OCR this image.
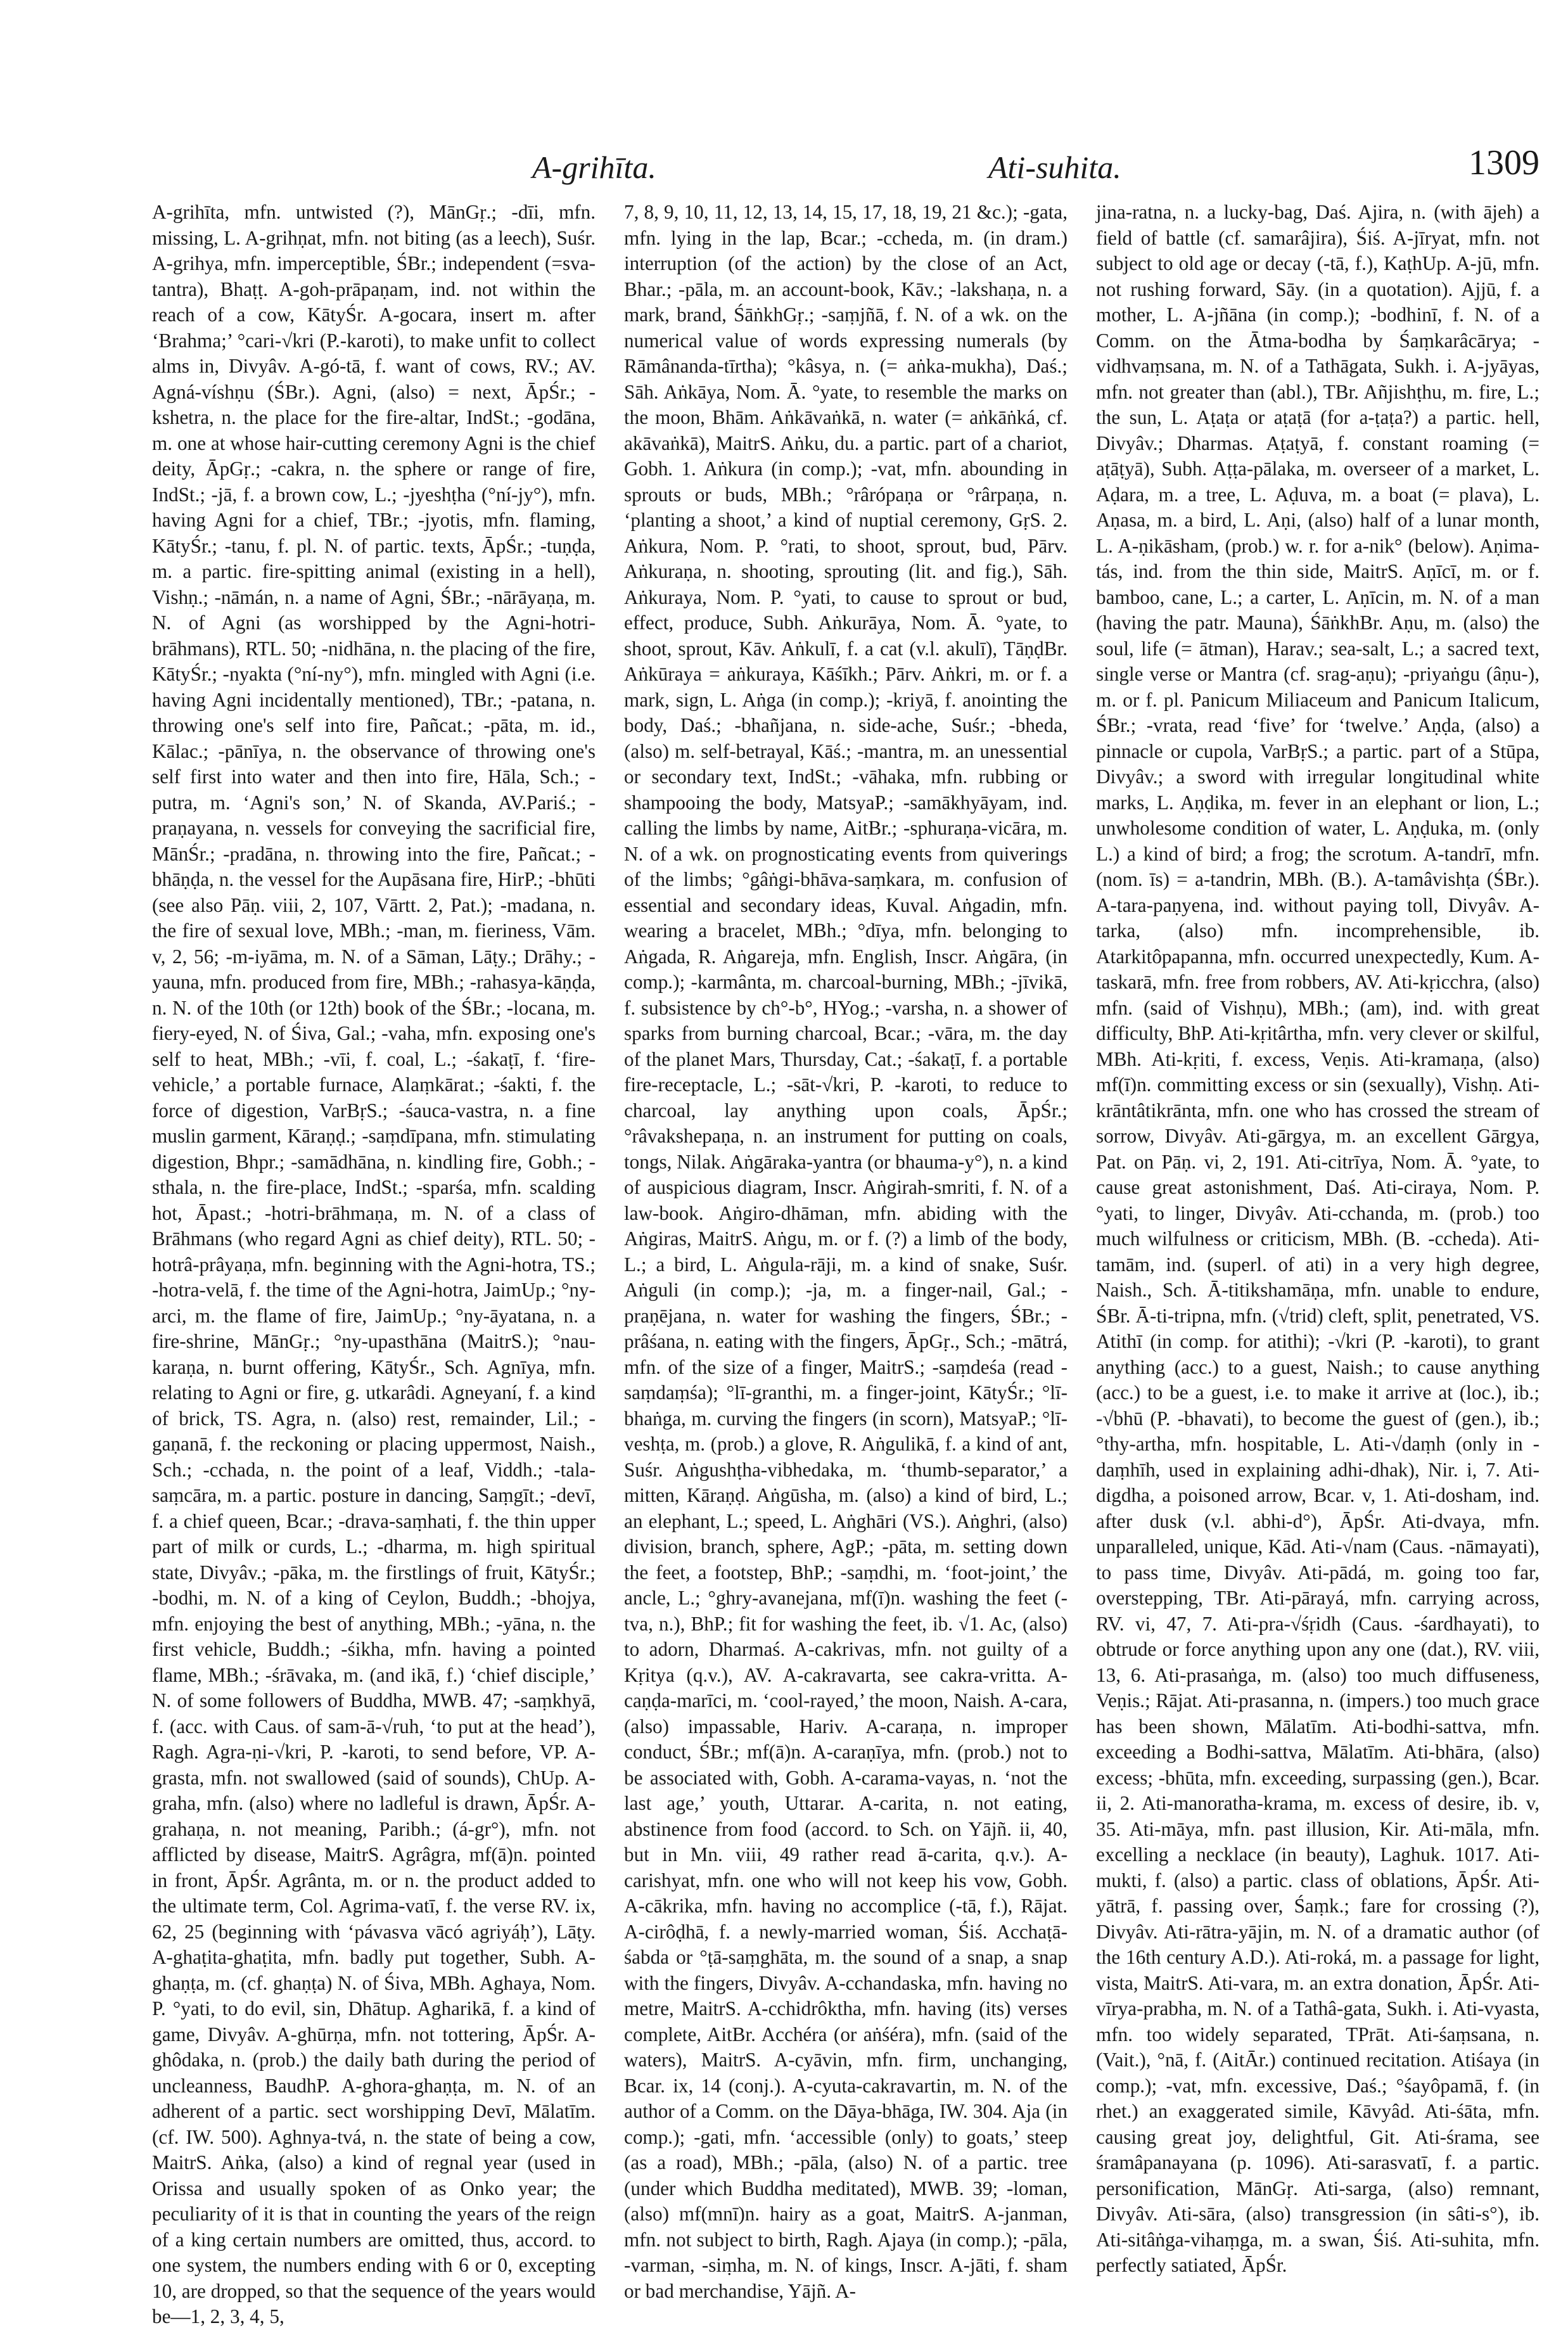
A-grihīta.	Ati-suhita.	1309

A-grihīta, mfn. untwisted (?), MānGṛ.; -dīi, mfn. missing, L. A-grihṇat, mfn. not biting (as a leech), Suśr. A-grihya, mfn. imperceptible, ŚBr.; independent (=sva-tantra), Bhaṭṭ. A-goh-prāpaṇam, ind. not within the reach of a cow, KātyŚr. A-gocara, insert m. after ‘Brahma;’ °cari-√kri (P.-karoti), to make unfit to collect alms in, Divyâv. A-gó-tā, f. want of cows, RV.; AV. Agná-víshṇu (ŚBr.). Agni, (also) = next, ĀpŚr.; -kshetra, n. the place for the fire-altar, IndSt.; -godāna, m. one at whose hair-cutting ceremony Agni is the chief deity, ĀpGṛ.; -cakra, n. the sphere or range of fire, IndSt.; -jā, f. a brown cow, L.; -jyeshṭha (°ní-jy°), mfn. having Agni for a chief, TBr.; -jyotis, mfn. flaming, KātyŚr.; -tanu, f. pl. N. of partic. texts, ĀpŚr.; -tuṇḍa, m. a partic. fire-spitting animal (existing in a hell), Vishṇ.; -nāmán, n. a name of Agni, ŚBr.; -nārāyaṇa, m. N. of Agni (as worshipped by the Agni-hotri-brāhmans), RTL. 50; -nidhāna, n. the placing of the fire, KātyŚr.; -nyakta (°ní-ny°), mfn. mingled with Agni (i.e. having Agni incidentally mentioned), TBr.; -patana, n. throwing one's self into fire, Pañcat.; -pāta, m. id., Kālac.; -pānīya, n. the observance of throwing one's self first into water and then into fire, Hāla, Sch.; -putra, m. ‘Agni's son,’ N. of Skanda, AV.Pariś.; -praṇayana, n. vessels for conveying the sacrificial fire, MānŚr.; -pradāna, n. throwing into the fire, Pañcat.; -bhāṇḍa, n. the vessel for the Aupāsana fire, HirP.; -bhūti (see also Pāṇ. viii, 2, 107, Vārtt. 2, Pat.); -madana, n. the fire of sexual love, MBh.; -man, m. fieriness, Vām. v, 2, 56; -m-iyāma, m. N. of a Sāman, Lāṭy.; Drāhy.; -yauna, mfn. produced from fire, MBh.; -rahasya-kāṇḍa, n. N. of the 10th (or 12th) book of the ŚBr.; -locana, m. fiery-eyed, N. of Śiva, Gal.; -vaha, mfn. exposing one's self to heat, MBh.; -vīi, f. coal, L.; -śakaṭī, f. ‘fire-vehicle,’ a portable furnace, Alaṃkārat.; -śakti, f. the force of digestion, VarBṛS.; -śauca-vastra, n. a fine muslin garment, Kāraṇḍ.; -saṃdīpana, mfn. stimulating digestion, Bhpr.; -samādhāna, n. kindling fire, Gobh.; -sthala, n. the fire-place, IndSt.; -sparśa, mfn. scalding hot, Āpast.; -hotri-brāhmaṇa, m. N. of a class of Brāhmans (who regard Agni as chief deity), RTL. 50; -hotrâ-prâyaṇa, mfn. beginning with the Agni-hotra, TS.; -hotra-velā, f. the time of the Agni-hotra, JaimUp.; °ny-arci, m. the flame of fire, JaimUp.; °ny-āyatana, n. a fire-shrine, MānGṛ.; °ny-upasthāna (MaitrS.); °nau-karaṇa, n. burnt offering, KātyŚr., Sch. Agnīya, mfn. relating to Agni or fire, g. utkarâdi. Agneyaní, f. a kind of brick, TS. Agra, n. (also) rest, remainder, Lil.; -gaṇanā, f. the reckoning or placing uppermost, Naish., Sch.; -cchada, n. the point of a leaf, Viddh.; -tala-saṃcāra, m. a partic. posture in dancing, Saṃgīt.; -devī, f. a chief queen, Bcar.; -drava-saṃhati, f. the thin upper part of milk or curds, L.; -dharma, m. high spiritual state, Divyâv.; -pāka, m. the firstlings of fruit, KātyŚr.; -bodhi, m. N. of a king of Ceylon, Buddh.; -bhojya, mfn. enjoying the best of anything, MBh.; -yāna, n. the first vehicle, Buddh.; -śikha, mfn. having a pointed flame, MBh.; -śrāvaka, m. (and ikā, f.) ‘chief disciple,’ N. of some followers of Buddha, MWB. 47; -saṃkhyā, f. (acc. with Caus. of sam-ā-√ruh, ‘to put at the head’), Ragh. Agra-ṇi-√kri, P. -karoti, to send before, VP. A-grasta, mfn. not swallowed (said of sounds), ChUp. A-graha, mfn. (also) where no ladleful is drawn, ĀpŚr. A-grahaṇa, n. not meaning, Paribh.; (á-gr°), mfn. not afflicted by disease, MaitrS. Agrâgra, mf(ā)n. pointed in front, ĀpŚr. Agrânta, m. or n. the product added to the ultimate term, Col. Agrima-vatī, f. the verse RV. ix, 62, 25 (beginning with ‘pávasva vācó agriyáḥ’), Lāṭy. A-ghaṭita-ghaṭita, mfn. badly put together, Subh. A-ghaṇṭa, m. (cf. ghaṇṭa) N. of Śiva, MBh. Aghaya, Nom. P. °yati, to do evil, sin, Dhātup. Agharikā, f. a kind of game, Divyâv. A-ghūrṇa, mfn. not tottering, ĀpŚr. A-ghôdaka, n. (prob.) the daily bath during the period of uncleanness, BaudhP. A-ghora-ghaṇṭa, m. N. of an adherent of a partic. sect worshipping Devī, Mālatīm. (cf. IW. 500). Aghnya-tvá, n. the state of being a cow, MaitrS. Aṅka, (also) a kind of regnal year (used in Orissa and usually spoken of as Onko year; the peculiarity of it is that in counting the years of the reign of a king certain numbers are omitted, thus, accord. to one system, the numbers ending with 6 or 0, excepting 10, are dropped, so that the sequence of the years would be—1, 2, 3, 4, 5,

7, 8, 9, 10, 11, 12, 13, 14, 15, 17, 18, 19, 21 &c.); -gata, mfn. lying in the lap, Bcar.; -ccheda, m. (in dram.) interruption (of the action) by the close of an Act, Bhar.; -pāla, m. an account-book, Kāv.; -lakshaṇa, n. a mark, brand, ŚāṅkhGṛ.; -saṃjñā, f. N. of a wk. on the numerical value of words expressing numerals (by Rāmânanda-tīrtha); °kâsya, n. (= aṅka-mukha), Daś.; Sāh. Aṅkāya, Nom. Ā. °yate, to resemble the marks on the moon, Bhām. Aṅkāvaṅkā, n. water (= aṅkāṅká, cf. akāvaṅkā), MaitrS. Aṅku, du. a partic. part of a chariot, Gobh. 1. Aṅkura (in comp.); -vat, mfn. abounding in sprouts or buds, MBh.; °rârópaṇa or °rârpaṇa, n. ‘planting a shoot,’ a kind of nuptial ceremony, GṛS. 2. Aṅkura, Nom. P. °rati, to shoot, sprout, bud, Pārv. Aṅkuraṇa, n. shooting, sprouting (lit. and fig.), Sāh. Aṅkuraya, Nom. P. °yati, to cause to sprout or bud, effect, produce, Subh. Aṅkurāya, Nom. Ā. °yate, to shoot, sprout, Kāv. Aṅkulī, f. a cat (v.l. akulī), TāṇḍBr. Aṅkūraya = aṅkuraya, Kāśīkh.; Pārv. Aṅkri, m. or f. a mark, sign, L. Aṅga (in comp.); -kriyā, f. anointing the body, Daś.; -bhañjana, n. side-ache, Suśr.; -bheda, (also) m. self-betrayal, Kāś.; -mantra, m. an unessential or secondary text, IndSt.; -vāhaka, mfn. rubbing or shampooing the body, MatsyaP.; -samākhyāyam, ind. calling the limbs by name, AitBr.; -sphuraṇa-vicāra, m. N. of a wk. on prognosticating events from quiverings of the limbs; °gâṅgi-bhāva-saṃkara, m. confusion of essential and secondary ideas, Kuval. Aṅgadin, mfn. wearing a bracelet, MBh.; °dīya, mfn. belonging to Aṅgada, R. Aṅgareja, mfn. English, Inscr. Aṅgāra, (in comp.); -karmânta, m. charcoal-burning, MBh.; -jīvikā, f. subsistence by ch°-b°, HYog.; -varsha, n. a shower of sparks from burning charcoal, Bcar.; -vāra, m. the day of the planet Mars, Thursday, Cat.; -śakaṭī, f. a portable fire-receptacle, L.; -sāt-√kri, P. -karoti, to reduce to charcoal, lay anything upon coals, ĀpŚr.; °râvakshepaṇa, n. an instrument for putting on coals, tongs, Nilak. Aṅgāraka-yantra (or bhauma-y°), n. a kind of auspicious diagram, Inscr. Aṅgirah-smriti, f. N. of a law-book. Aṅgiro-dhāman, mfn. abiding with the Aṅgiras, MaitrS. Aṅgu, m. or f. (?) a limb of the body, L.; a bird, L. Aṅgula-rāji, m. a kind of snake, Suśr. Aṅguli (in comp.); -ja, m. a finger-nail, Gal.; -praṇējana, n. water for washing the fingers, ŚBr.; -prâśana, n. eating with the fingers, ĀpGṛ., Sch.; -mātrá, mfn. of the size of a finger, MaitrS.; -saṃdeśa (read -saṃdaṃśa); °lī-granthi, m. a finger-joint, KātyŚr.; °lī-bhaṅga, m. curving the fingers (in scorn), MatsyaP.; °lī-veshṭa, m. (prob.) a glove, R. Aṅgulikā, f. a kind of ant, Suśr. Aṅgushṭha-vibhedaka, m. ‘thumb-separator,’ a mitten, Kāraṇḍ. Aṅgūsha, m. (also) a kind of bird, L.; an elephant, L.; speed, L. Aṅghāri (VS.). Aṅghri, (also) division, branch, sphere, AgP.; -pāta, m. setting down the feet, a footstep, BhP.; -saṃdhi, m. ‘foot-joint,’ the ancle, L.; °ghry-avanejana, mf(ī)n. washing the feet (-tva, n.), BhP.; fit for washing the feet, ib. √1. Ac, (also) to adorn, Dharmaś. A-cakrivas, mfn. not guilty of a Kṛitya (q.v.), AV. A-cakravarta, see cakra-vritta. A-caṇḍa-marīci, m. ‘cool-rayed,’ the moon, Naish. A-cara, (also) impassable, Hariv. A-caraṇa, n. improper conduct, ŚBr.; mf(ā)n. A-caraṇīya, mfn. (prob.) not to be associated with, Gobh. A-carama-vayas, n. ‘not the last age,’ youth, Uttarar. A-carita, n. not eating, abstinence from food (accord. to Sch. on Yājñ. ii, 40, but in Mn. viii, 49 rather read ā-carita, q.v.). A-carishyat, mfn. one who will not keep his vow, Gobh. A-cākrika, mfn. having no accomplice (-tā, f.), Rājat. A-cirôḍhā, f. a newly-married woman, Śiś. Acchaṭā-śabda or °ṭā-saṃghāta, m. the sound of a snap, a snap with the fingers, Divyâv. A-cchandaska, mfn. having no metre, MaitrS. A-cchidrôktha, mfn. having (its) verses complete, AitBr. Acchéra (or aṅśéra), mfn. (said of the waters), MaitrS. A-cyāvin, mfn. firm, unchanging, Bcar. ix, 14 (conj.). A-cyuta-cakravartin, m. N. of the author of a Comm. on the Dāya-bhāga, IW. 304. Aja (in comp.); -gati, mfn. ‘accessible (only) to goats,’ steep (as a road), MBh.; -pāla, (also) N. of a partic. tree (under which Buddha meditated), MWB. 39; -loman, (also) mf(mnī)n. hairy as a goat, MaitrS. A-janman, mfn. not subject to birth, Ragh. Ajaya (in comp.); -pāla, -varman, -siṃha, m. N. of kings, Inscr. A-jāti, f. sham or bad merchandise, Yājñ. A-

jina-ratna, n. a lucky-bag, Daś. Ajira, n. (with ājeh) a field of battle (cf. samarâjira), Śiś. A-jīryat, mfn. not subject to old age or decay (-tā, f.), KaṭhUp. A-jū, mfn. not rushing forward, Sāy. (in a quotation). Ajjū, f. a mother, L. A-jñāna (in comp.); -bodhinī, f. N. of a Comm. on the Ātma-bodha by Śaṃkarâcārya; -vidhvaṃsana, m. N. of a Tathāgata, Sukh. i. A-jyāyas, mfn. not greater than (abl.), TBr. Añjishṭhu, m. fire, L.; the sun, L. Aṭaṭa or aṭaṭā (for a-ṭaṭa?) a partic. hell, Divyâv.; Dharmas. Aṭaṭyā, f. constant roaming (= aṭāṭyā), Subh. Aṭṭa-pālaka, m. overseer of a market, L. Aḍara, m. a tree, L. Aḍuva, m. a boat (= plava), L. Aṇasa, m. a bird, L. Aṇi, (also) half of a lunar month, L. A-ṇikāsham, (prob.) w. r. for a-nik° (below). Aṇima-tás, ind. from the thin side, MaitrS. Aṇīcī, m. or f. bamboo, cane, L.; a carter, L. Aṇīcin, m. N. of a man (having the patr. Mauna), ŚāṅkhBr. Aṇu, m. (also) the soul, life (= ātman), Harav.; sea-salt, L.; a sacred text, single verse or Mantra (cf. srag-aṇu); -priyaṅgu (âṇu-), m. or f. pl. Panicum Miliaceum and Panicum Italicum, ŚBr.; -vrata, read ‘five’ for ‘twelve.’ Aṇḍa, (also) a pinnacle or cupola, VarBṛS.; a partic. part of a Stūpa, Divyâv.; a sword with irregular longitudinal white marks, L. Aṇḍika, m. fever in an elephant or lion, L.; unwholesome condition of water, L. Aṇḍuka, m. (only L.) a kind of bird; a frog; the scrotum. A-tandrī, mfn. (nom. īs) = a-tandrin, MBh. (B.). A-tamâvishṭa (ŚBr.). A-tara-paṇyena, ind. without paying toll, Divyâv. A-tarka, (also) mfn. incomprehensible, ib. Atarkitôpapanna, mfn. occurred unexpectedly, Kum. A-taskarā, mfn. free from robbers, AV. Ati-kṛicchra, (also) mfn. (said of Vishṇu), MBh.; (am), ind. with great difficulty, BhP. Ati-kṛitârtha, mfn. very clever or skilful, MBh. Ati-kṛiti, f. excess, Veṇis. Ati-kramaṇa, (also) mf(ī)n. committing excess or sin (sexually), Vishṇ. Ati-krāntâtikrānta, mfn. one who has crossed the stream of sorrow, Divyâv. Ati-gārgya, m. an excellent Gārgya, Pat. on Pāṇ. vi, 2, 191. Ati-citrīya, Nom. Ā. °yate, to cause great astonishment, Daś. Ati-ciraya, Nom. P. °yati, to linger, Divyâv. Ati-cchanda, m. (prob.) too much wilfulness or criticism, MBh. (B. -ccheda). Ati-tamām, ind. (superl. of ati) in a very high degree, Naish., Sch. Ā-titikshamāṇa, mfn. unable to endure, ŚBr. Ā-ti-tripna, mfn. (√trid) cleft, split, penetrated, VS. Atithī (in comp. for atithi); -√kri (P. -karoti), to grant anything (acc.) to a guest, Naish.; to cause anything (acc.) to be a guest, i.e. to make it arrive at (loc.), ib.; -√bhū (P. -bhavati), to become the guest of (gen.), ib.; °thy-artha, mfn. hospitable, L. Ati-√daṃh (only in -daṃhīh, used in explaining adhi-dhak), Nir. i, 7. Ati-digdha, a poisoned arrow, Bcar. v, 1. Ati-dosham, ind. after dusk (v.l. abhi-d°), ĀpŚr. Ati-dvaya, mfn. unparalleled, unique, Kād. Ati-√nam (Caus. -nāmayati), to pass time, Divyâv. Ati-pādá, m. going too far, overstepping, TBr. Ati-pārayá, mfn. carrying across, RV. vi, 47, 7. Ati-pra-√śṛidh (Caus. -śardhayati), to obtrude or force anything upon any one (dat.), RV. viii, 13, 6. Ati-prasaṅga, m. (also) too much diffuseness, Veṇis.; Rājat. Ati-prasanna, n. (impers.) too much grace has been shown, Mālatīm. Ati-bodhi-sattva, mfn. exceeding a Bodhi-sattva, Mālatīm. Ati-bhāra, (also) excess; -bhūta, mfn. exceeding, surpassing (gen.), Bcar. ii, 2. Ati-manoratha-krama, m. excess of desire, ib. v, 35. Ati-māya, mfn. past illusion, Kir. Ati-māla, mfn. excelling a necklace (in beauty), Laghuk. 1017. Ati-mukti, f. (also) a partic. class of oblations, ĀpŚr. Ati-yātrā, f. passing over, Śaṃk.; fare for crossing (?), Divyâv. Ati-rātra-yājin, m. N. of a dramatic author (of the 16th century A.D.). Ati-roká, m. a passage for light, vista, MaitrS. Ati-vara, m. an extra donation, ĀpŚr. Ati-vīrya-prabha, m. N. of a Tathâ-gata, Sukh. i. Ati-vyasta, mfn. too widely separated, TPrāt. Ati-śaṃsana, n. (Vait.), °nā, f. (AitĀr.) continued recitation. Atiśaya (in comp.); -vat, mfn. excessive, Daś.; °śayôpamā, f. (in rhet.) an exaggerated simile, Kāvyâd. Ati-śāta, mfn. causing great joy, delightful, Git. Ati-śrama, see śramâpanayana (p. 1096). Ati-sarasvatī, f. a partic. personification, MānGṛ. Ati-sarga, (also) remnant, Divyâv. Ati-sāra, (also) transgression (in sâti-s°), ib. Ati-sitâṅga-vihaṃga, m. a swan, Śiś. Ati-suhita, mfn. perfectly satiated, ĀpŚr.
